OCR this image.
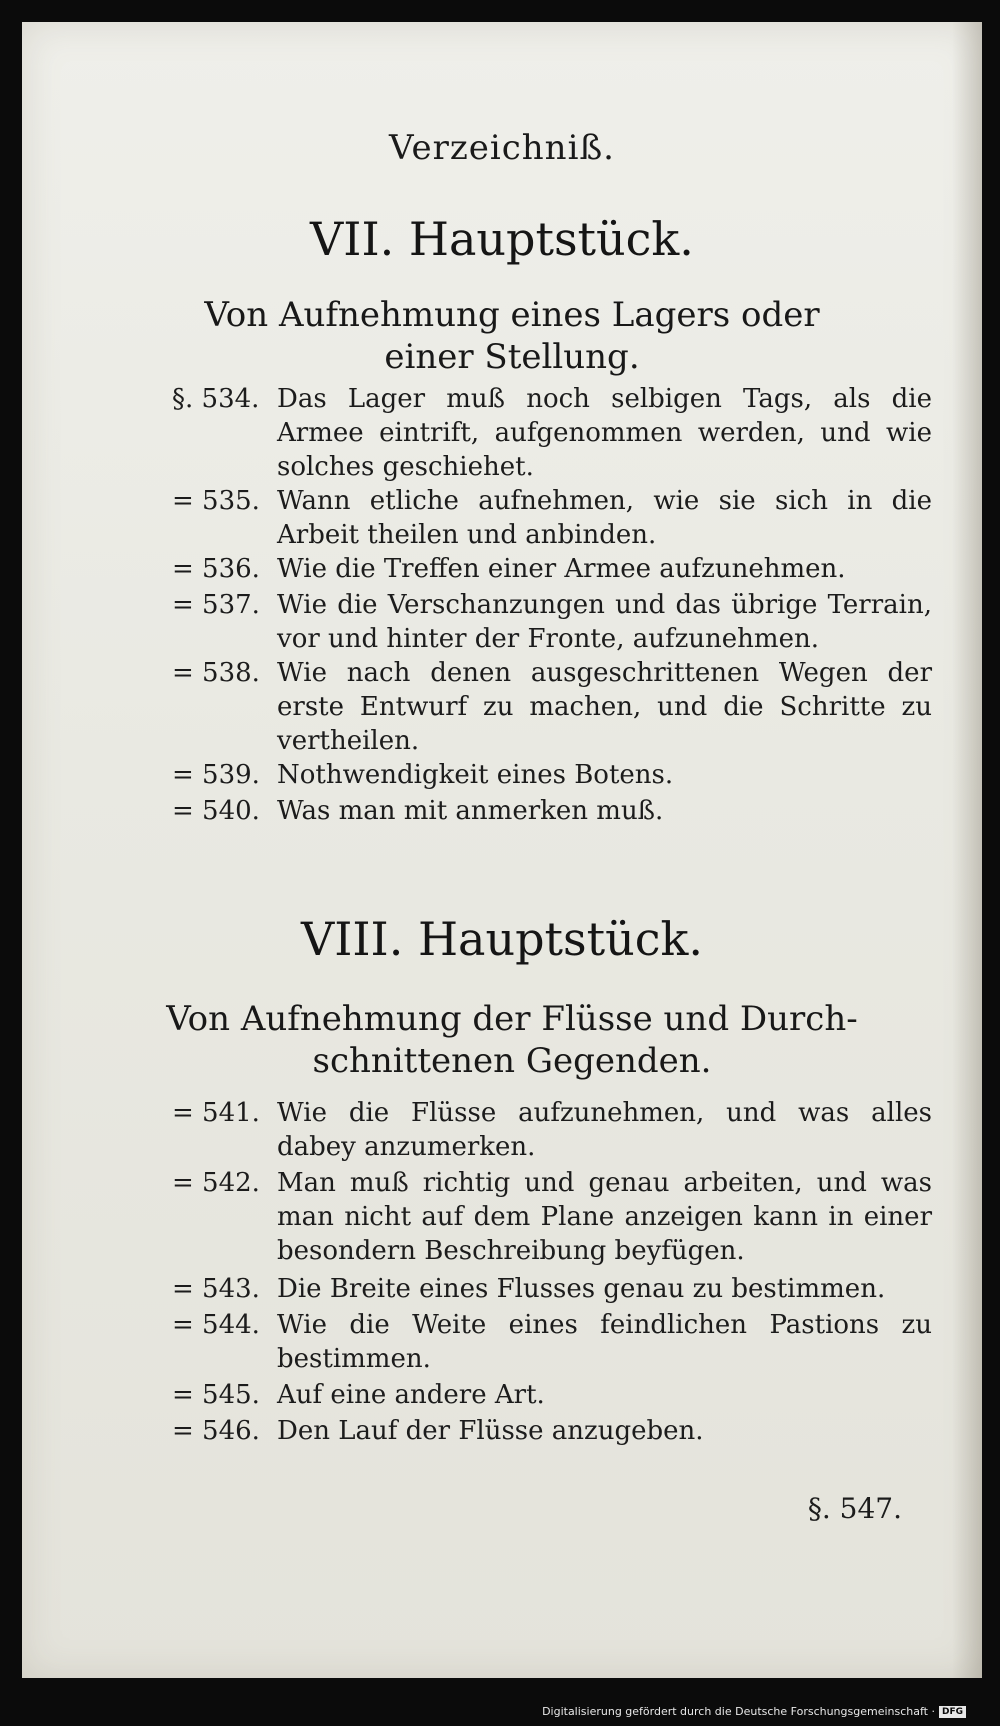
Verzeichniß.
VII. Hauptstück.
Von Aufnehmung eines Lagers oder
einer Stellung.
§. 534. Das Lager muß noch selbigen Tags, als die Armee eintrift, aufgenommen werden, und wie solches geschiehet.
= 535. Wann etliche aufnehmen, wie sie sich in die Arbeit theilen und anbinden.
= 536. Wie die Treffen einer Armee aufzunehmen.
= 537. Wie die Verschanzungen und das übrige Terrain, vor und hinter der Fronte, aufzunehmen.
= 538. Wie nach denen ausgeschrittenen Wegen der erste Entwurf zu machen, und die Schritte zu vertheilen.
= 539. Nothwendigkeit eines Botens.
= 540. Was man mit anmerken muß.
VIII. Hauptstück.
Von Aufnehmung der Flüsse und Durch-
schnittenen Gegenden.
= 541. Wie die Flüsse aufzunehmen, und was alles dabey anzumerken.
= 542. Man muß richtig und genau arbeiten, und was man nicht auf dem Plane anzeigen kann in einer besondern Beschreibung beyfügen.
= 543. Die Breite eines Flusses genau zu bestimmen.
= 544. Wie die Weite eines feindlichen Pastions zu bestimmen.
= 545. Auf eine andere Art.
= 546. Den Lauf der Flüsse anzugeben.
§. 547.
Digitalisierung gefördert durch die Deutsche Forschungsgemeinschaft · DFG
